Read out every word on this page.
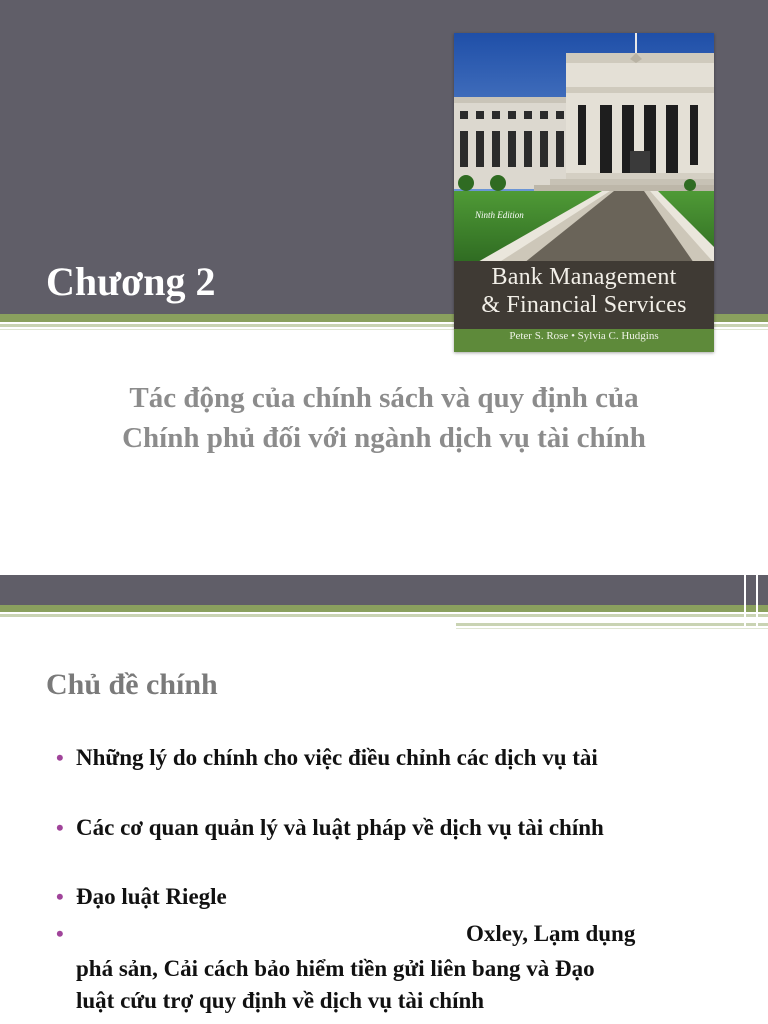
Chương 2
Ninth Edition
Bank Management
& Financial Services
Peter S. Rose • Sylvia C. Hudgins
Tác động của chính sách và quy định của
Chính phủ đối với ngành dịch vụ tài chính
Chủ đề chính
• Những lý do chính cho việc điều chỉnh các dịch vụ tài
• Các cơ quan quản lý và luật pháp về dịch vụ tài chính
• Đạo luật Riegle
•	Oxley, Lạm dụng
phá sản, Cải cách bảo hiểm tiền gửi liên bang và Đạo
luật cứu trợ quy định về dịch vụ tài chính
